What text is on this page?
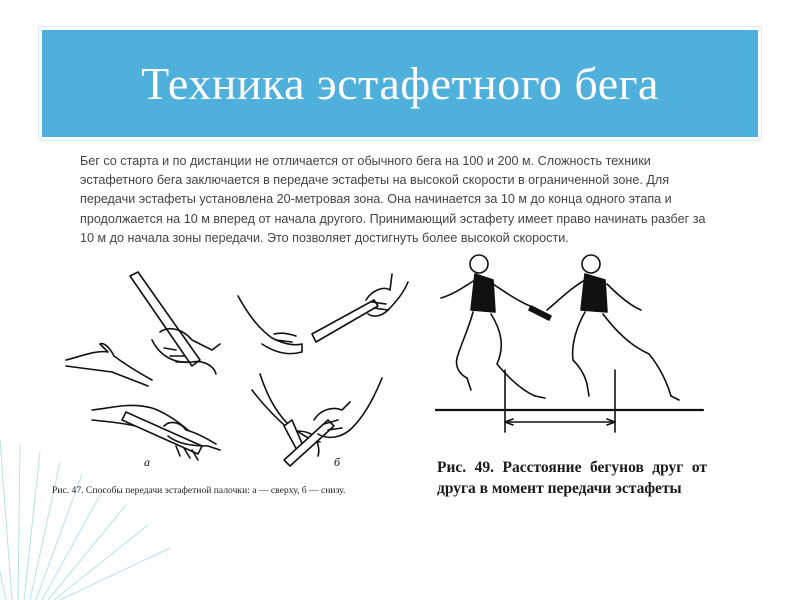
Техника эстафетного бега

Бег со старта и по дистанции не отличается от обычного бега на 100 и 200 м. Сложность техники эстафетного бега заключается в передаче эстафеты на высокой скорости в ограниченной зоне. Для передачи эстафеты установлена 20-метровая зона. Она начинается за 10 м до конца одного этапа и продолжается на 10 м вперед от начала другого. Принимающий эстафету имеет право начинать разбег за 10 м до начала зоны передачи. Это позволяет достигнуть более высокой скорости.

а	б
Рис. 47. Способы передачи эстафетной палочки: а — сверху, б — снизу.
Рис. 49. Расстояние бегунов друг от друга в момент передачи эстафеты
